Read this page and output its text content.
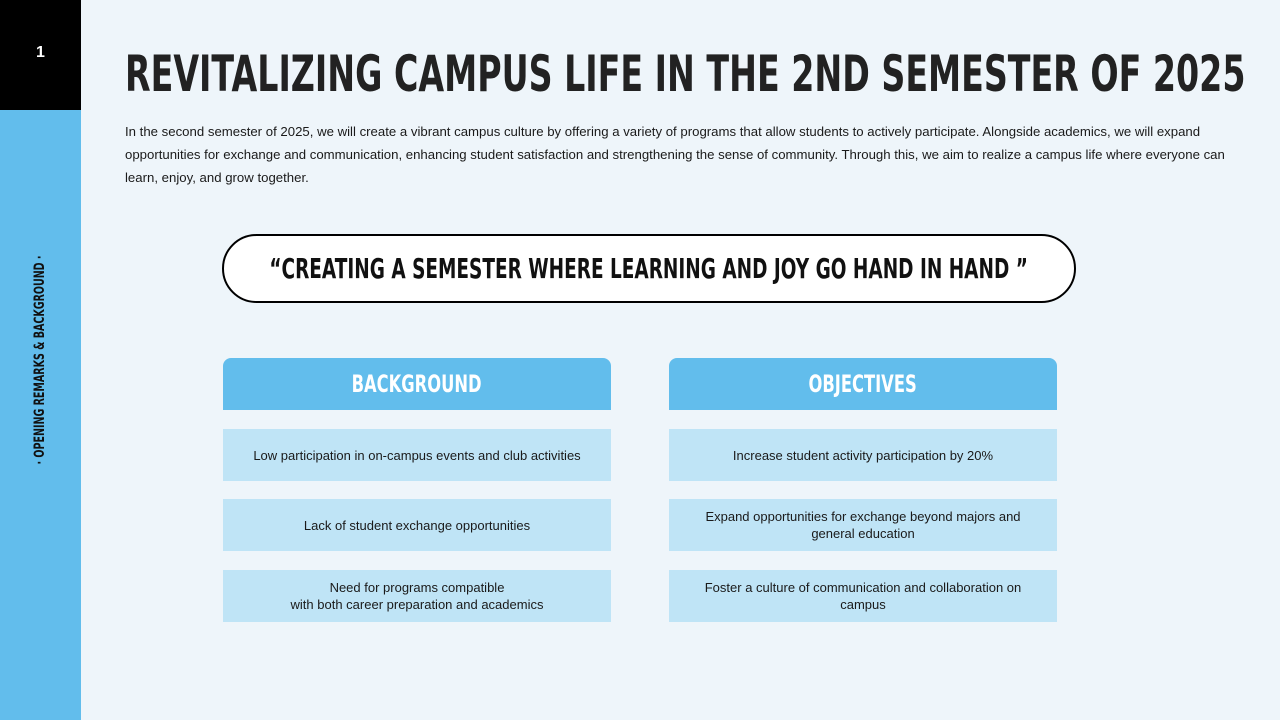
1
· OPENING REMARKS & BACKGROUND ·
REVITALIZING CAMPUS LIFE IN THE 2ND SEMESTER OF 2025

In the second semester of 2025, we will create a vibrant campus culture by offering a variety of programs that allow students to actively participate. Alongside academics, we will expand opportunities for exchange and communication, enhancing student satisfaction and strengthening the sense of community. Through this, we aim to realize a campus life where everyone can learn, enjoy, and grow together.

“CREATING A SEMESTER WHERE LEARNING AND JOY GO HAND IN HAND ”
BACKGROUND
Low participation in on-campus events and club activities
Lack of student exchange opportunities
Need for programs compatible
with both career preparation and academics
OBJECTIVES
Increase student activity participation by 20%
Expand opportunities for exchange beyond majors and general education
Foster a culture of communication and collaboration on campus
